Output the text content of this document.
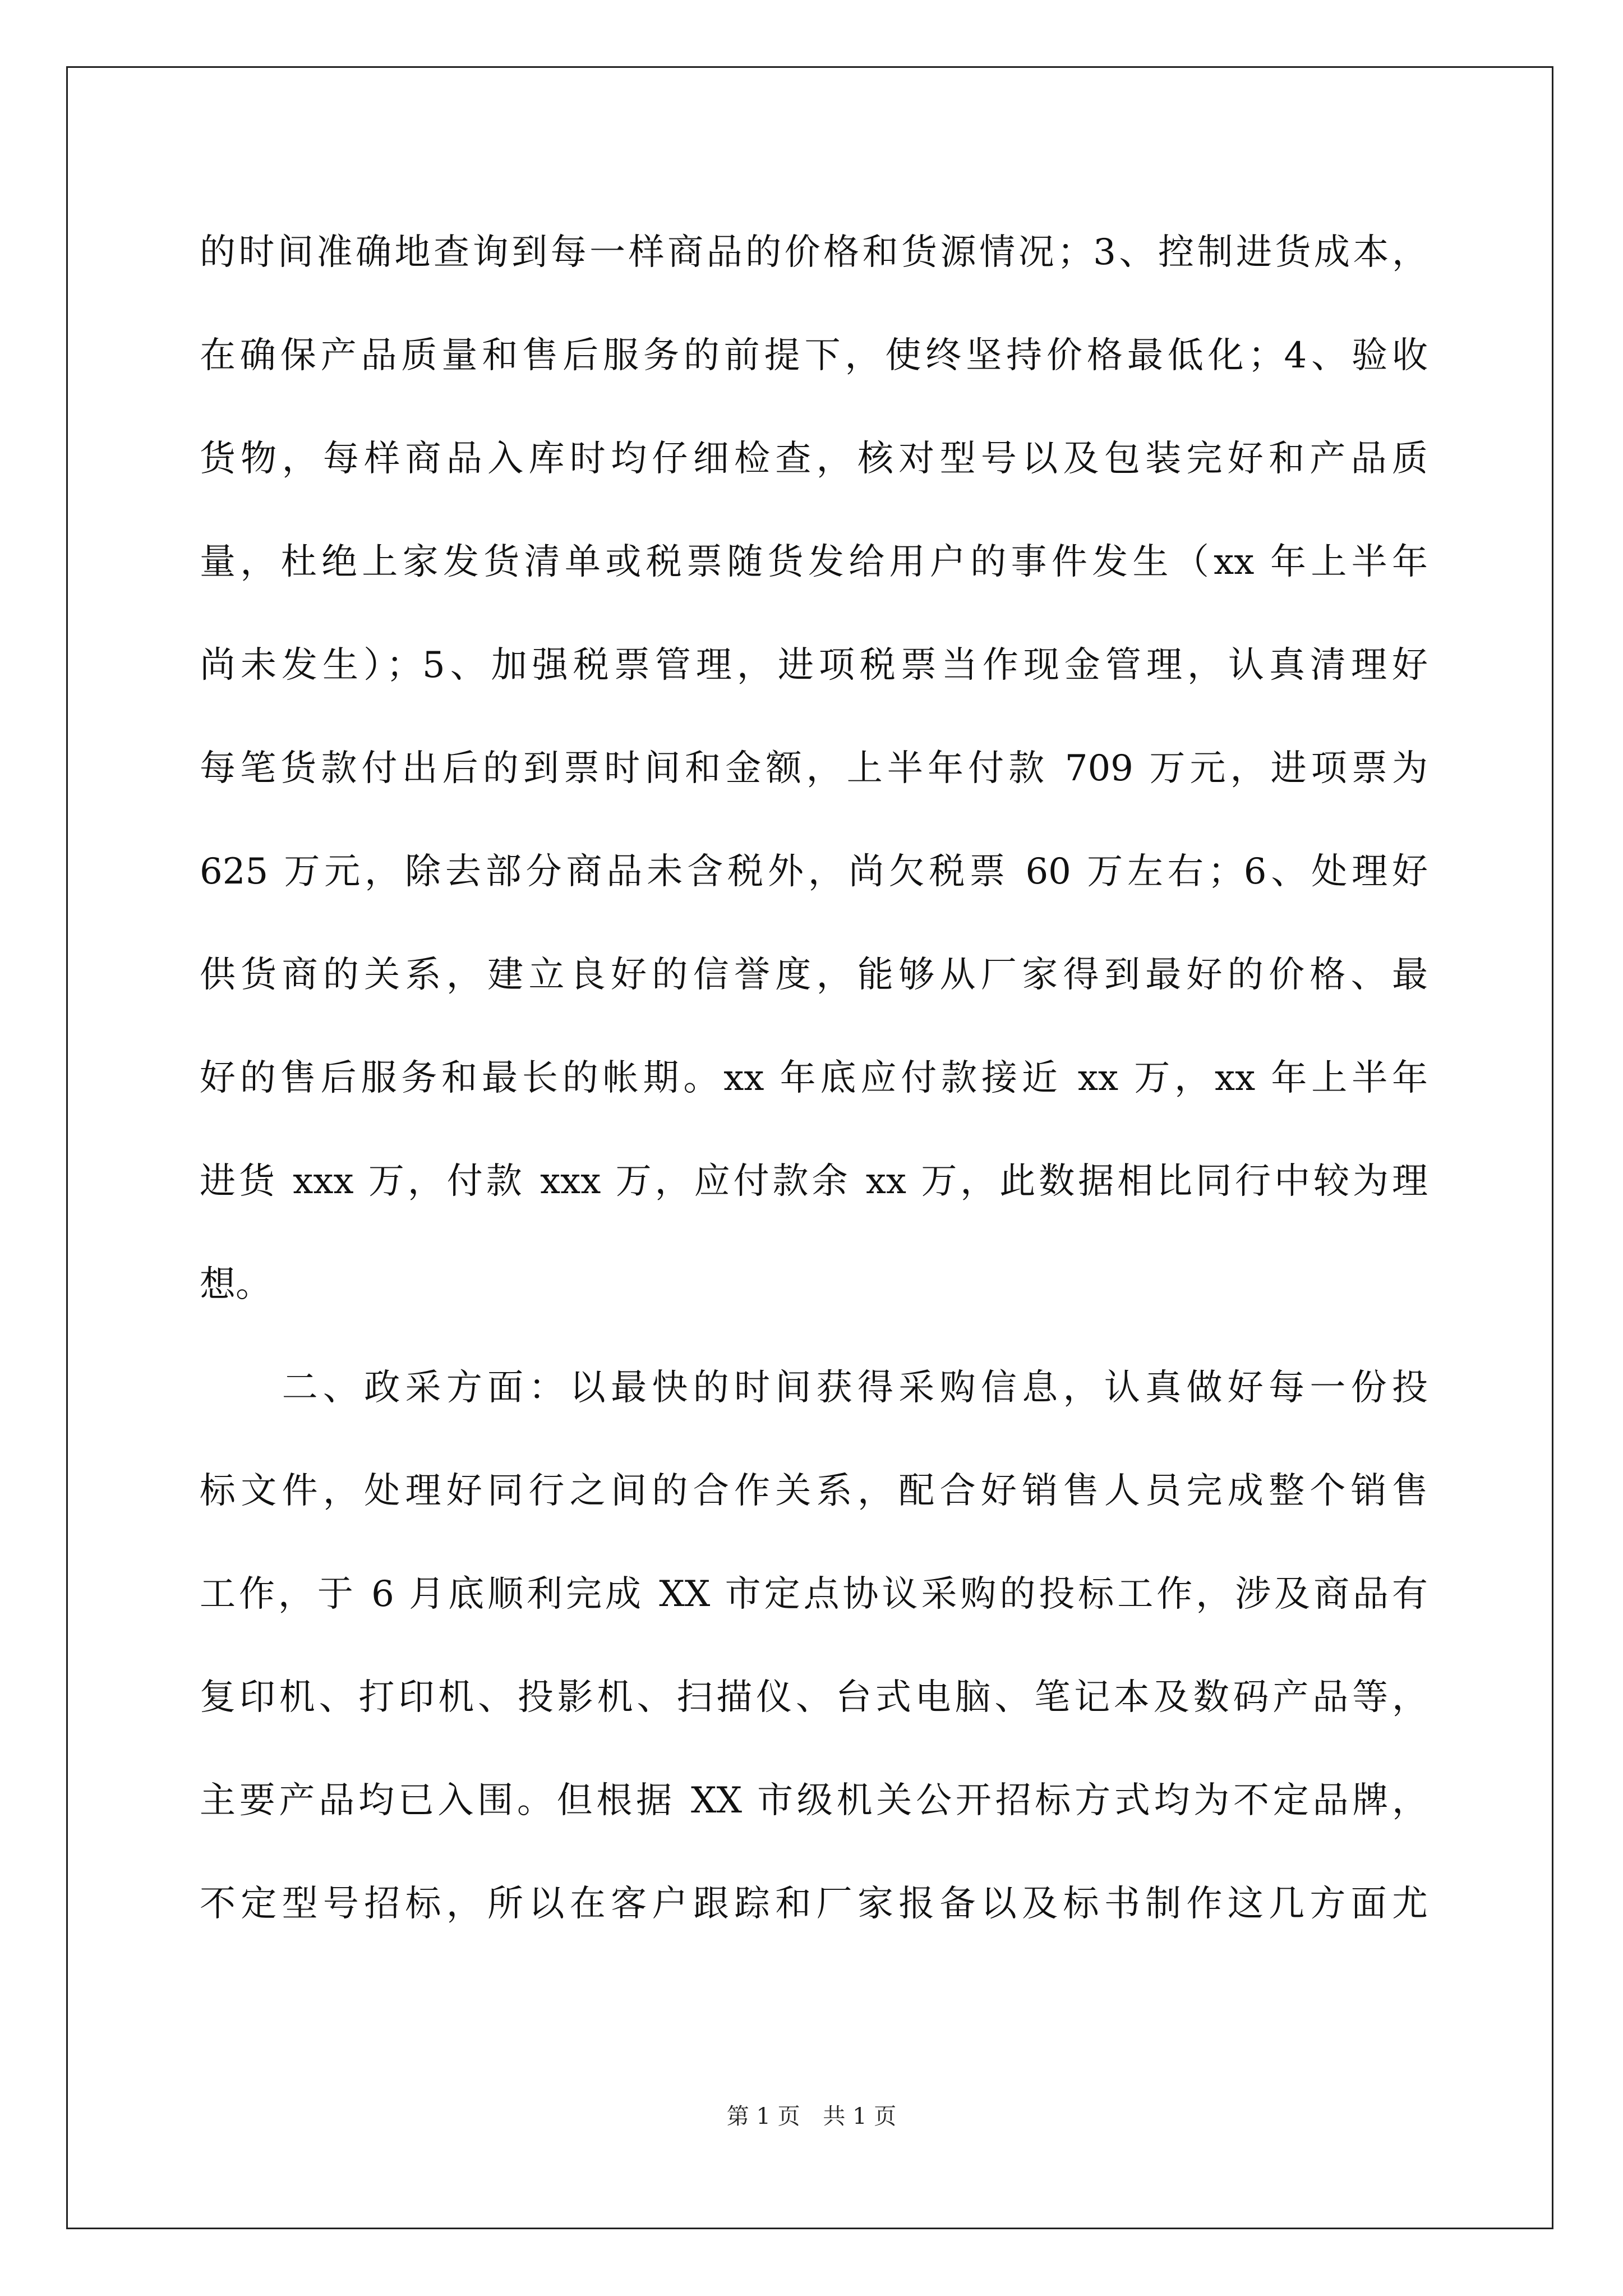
的时间准确地查询到每一样商品的价格和货源情况；3、控制进货成本，
在确保产品质量和售后服务的前提下，使终坚持价格最低化；4、验收
货物，每样商品入库时均仔细检查，核对型号以及包装完好和产品质
量，杜绝上家发货清单或税票随货发给用户的事件发生（xx 年上半年
尚未发生）；5、加强税票管理，进项税票当作现金管理，认真清理好
每笔货款付出后的到票时间和金额，上半年付款 709 万元，进项票为
625 万元，除去部分商品未含税外，尚欠税票 60 万左右；6、处理好
供货商的关系，建立良好的信誉度，能够从厂家得到最好的价格、最
好的售后服务和最长的帐期。xx 年底应付款接近 xx 万，xx 年上半年
进货 xxx 万，付款 xxx 万，应付款余 xx 万，此数据相比同行中较为理
想。
　　二、政采方面：以最快的时间获得采购信息，认真做好每一份投
标文件，处理好同行之间的合作关系，配合好销售人员完成整个销售
工作，于 6 月底顺利完成 XX 市定点协议采购的投标工作，涉及商品有
复印机、打印机、投影机、扫描仪、台式电脑、笔记本及数码产品等，
主要产品均已入围。但根据 XX 市级机关公开招标方式均为不定品牌，
不定型号招标，所以在客户跟踪和厂家报备以及标书制作这几方面尤
第 1 页 共 1 页
